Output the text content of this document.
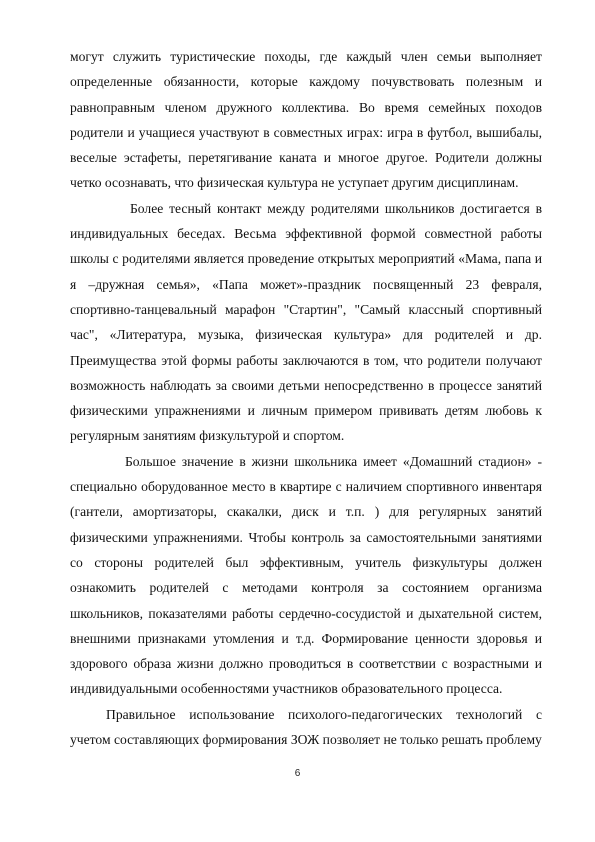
могут служить туристические походы, где каждый член семьи выполняет определенные обязанности, которые каждому почувствовать полезным и равноправным членом дружного коллектива. Во время семейных походов родители и учащиеся участвуют в совместных играх: игра в футбол, вышибалы, веселые эстафеты, перетягивание каната и многое другое. Родители должны четко осознавать, что физическая культура не уступает другим дисциплинам.

Более тесный контакт между родителями школьников достигается в индивидуальных беседах. Весьма эффективной формой совместной работы школы с родителями является проведение открытых мероприятий «Мама, папа и я –дружная семья», «Папа может»-праздник посвященный 23 февраля, спортивно-танцевальный марафон "Стартин", "Самый классный спортивный час", «Литература, музыка, физическая культура» для родителей и др. Преимущества этой формы работы заключаются в том, что родители получают возможность наблюдать за своими детьми непосредственно в процессе занятий физическими упражнениями и личным примером прививать детям любовь к регулярным занятиям физкультурой и спортом.

Большое значение в жизни школьника имеет «Домашний стадион» - специально оборудованное место в квартире с наличием спортивного инвентаря (гантели, амортизаторы, скакалки, диск и т.п. ) для регулярных занятий физическими упражнениями. Чтобы контроль за самостоятельными занятиями со стороны родителей был эффективным, учитель физкультуры должен ознакомить родителей с методами контроля за состоянием организма школьников, показателями работы сердечно-сосудистой и дыхательной систем, внешними признаками утомления и т.д. Формирование ценности здоровья и здорового образа жизни должно проводиться в соответствии с возрастными и индивидуальными особенностями участников образовательного процесса.

Правильное использование психолого-педагогических технологий с учетом составляющих формирования ЗОЖ позволяет не только решать проблему

6
